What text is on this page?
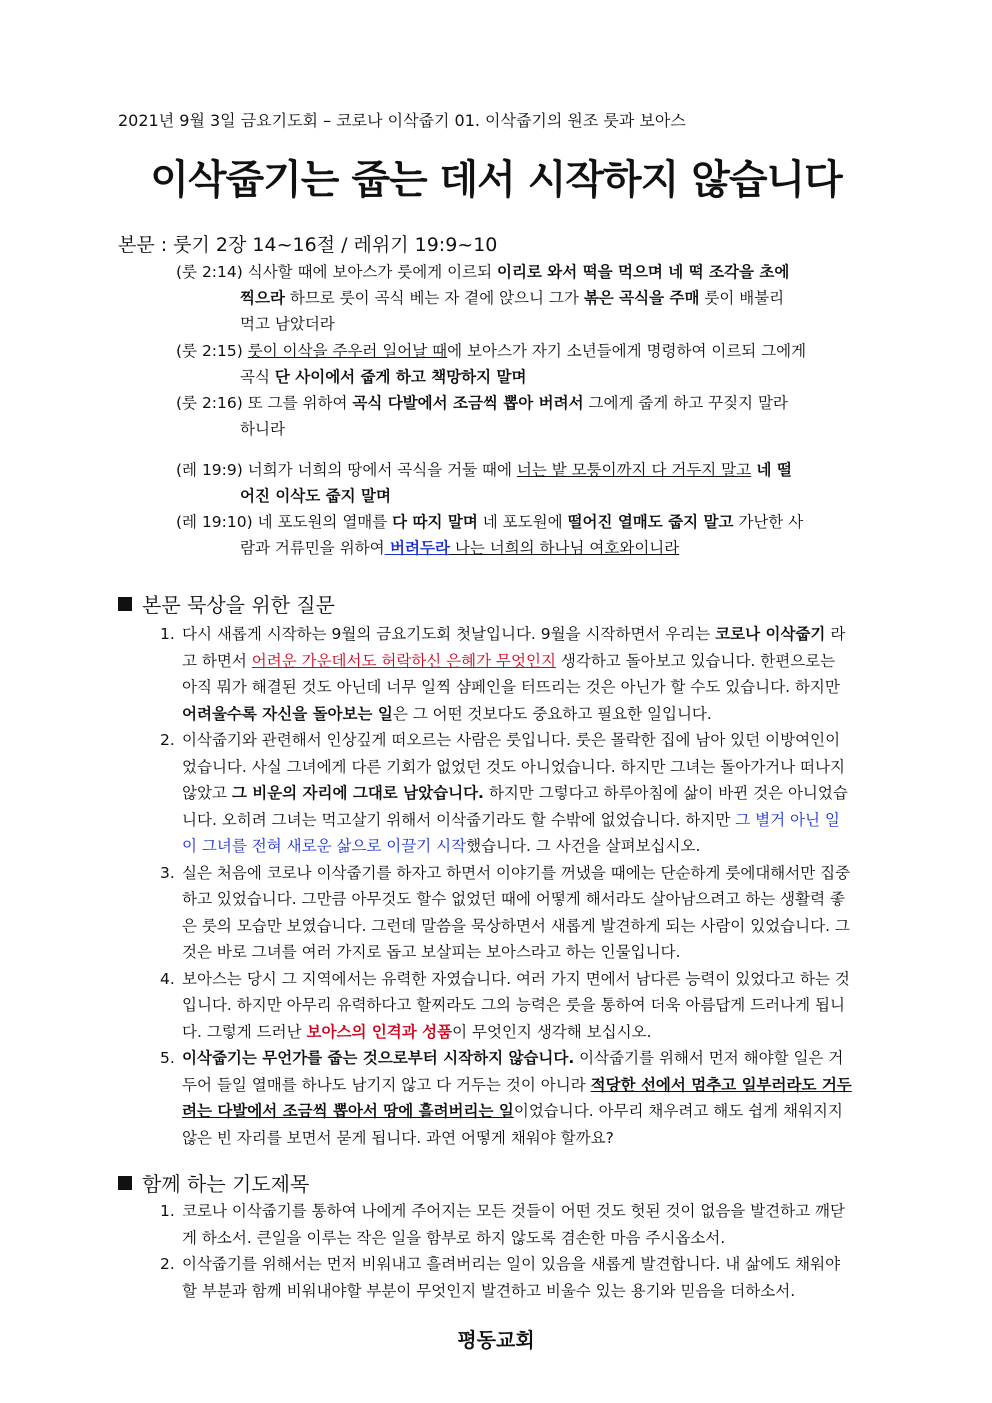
2021년 9월 3일 금요기도회 – 코로나 이삭줍기 01. 이삭줍기의 원조 룻과 보아스
이삭줍기는 줍는 데서 시작하지 않습니다
본문 : 룻기 2장 14~16절 / 레위기 19:9~10
(룻 2:14) 식사할 때에 보아스가 룻에게 이르되 이리로 와서 떡을 먹으며 네 떡 조각을 초에
찍으라 하므로 룻이 곡식 베는 자 곁에 앉으니 그가 볶은 곡식을 주매 룻이 배불리
먹고 남았더라
(룻 2:15) 룻이 이삭을 주우러 일어날 때에 보아스가 자기 소년들에게 명령하여 이르되 그에게
곡식 단 사이에서 줍게 하고 책망하지 말며
(룻 2:16) 또 그를 위하여 곡식 다발에서 조금씩 뽑아 버려서 그에게 줍게 하고 꾸짖지 말라
하니라
(레 19:9) 너희가 너희의 땅에서 곡식을 거둘 때에 너는 밭 모퉁이까지 다 거두지 말고 네 떨
어진 이삭도 줍지 말며
(레 19:10) 네 포도원의 열매를 다 따지 말며 네 포도원에 떨어진 열매도 줍지 말고 가난한 사
람과 거류민을 위하여 버려두라 나는 너희의 하나님 여호와이니라
본문 묵상을 위한 질문
1. 다시 새롭게 시작하는 9월의 금요기도회 첫날입니다. 9월을 시작하면서 우리는 코로나 이삭줍기 라고 하면서 어려운 가운데서도 허락하신 은혜가 무엇인지 생각하고 돌아보고 있습니다. 한편으로는 아직 뭐가 해결된 것도 아닌데 너무 일찍 샴페인을 터뜨리는 것은 아닌가 할 수도 있습니다. 하지만 어려울수록 자신을 돌아보는 일은 그 어떤 것보다도 중요하고 필요한 일입니다.
2. 이삭줍기와 관련해서 인상깊게 떠오르는 사람은 룻입니다. 룻은 몰락한 집에 남아 있던 이방여인이었습니다. 사실 그녀에게 다른 기회가 없었던 것도 아니었습니다. 하지만 그녀는 돌아가거나 떠나지 않았고 그 비운의 자리에 그대로 남았습니다. 하지만 그렇다고 하루아침에 삶이 바뀐 것은 아니었습니다. 오히려 그녀는 먹고살기 위해서 이삭줍기라도 할 수밖에 없었습니다. 하지만 그 별거 아닌 일이 그녀를 전혀 새로운 삶으로 이끌기 시작했습니다. 그 사건을 살펴보십시오.
3. 실은 처음에 코로나 이삭줍기를 하자고 하면서 이야기를 꺼냈을 때에는 단순하게 룻에대해서만 집중하고 있었습니다. 그만큼 아무것도 할수 없었던 때에 어떻게 해서라도 살아남으려고 하는 생활력 좋은 룻의 모습만 보였습니다. 그런데 말씀을 묵상하면서 새롭게 발견하게 되는 사람이 있었습니다. 그것은 바로 그녀를 여러 가지로 돕고 보살피는 보아스라고 하는 인물입니다.
4. 보아스는 당시 그 지역에서는 유력한 자였습니다. 여러 가지 면에서 남다른 능력이 있었다고 하는 것입니다. 하지만 아무리 유력하다고 할찌라도 그의 능력은 룻을 통하여 더욱 아름답게 드러나게 됩니다. 그렇게 드러난 보아스의 인격과 성품이 무엇인지 생각해 보십시오.
5. 이삭줍기는 무언가를 줍는 것으로부터 시작하지 않습니다. 이삭줍기를 위해서 먼저 해야할 일은 거두어 들일 열매를 하나도 남기지 않고 다 거두는 것이 아니라 적당한 선에서 멈추고 일부러라도 거두려는 다발에서 조금씩 뽑아서 땅에 흘려버리는 일이었습니다. 아무리 채우려고 해도 쉽게 채워지지 않은 빈 자리를 보면서 묻게 됩니다. 과연 어떻게 채워야 할까요?
함께 하는 기도제목
1. 코로나 이삭줍기를 통하여 나에게 주어지는 모든 것들이 어떤 것도 헛된 것이 없음을 발견하고 깨닫게 하소서. 큰일을 이루는 작은 일을 함부로 하지 않도록 겸손한 마음 주시옵소서.
2. 이삭줍기를 위해서는 먼저 비워내고 흘려버리는 일이 있음을 새롭게 발견합니다. 내 삶에도 채워야할 부분과 함께 비워내야할 부분이 무엇인지 발견하고 비울수 있는 용기와 믿음을 더하소서.
평동교회
